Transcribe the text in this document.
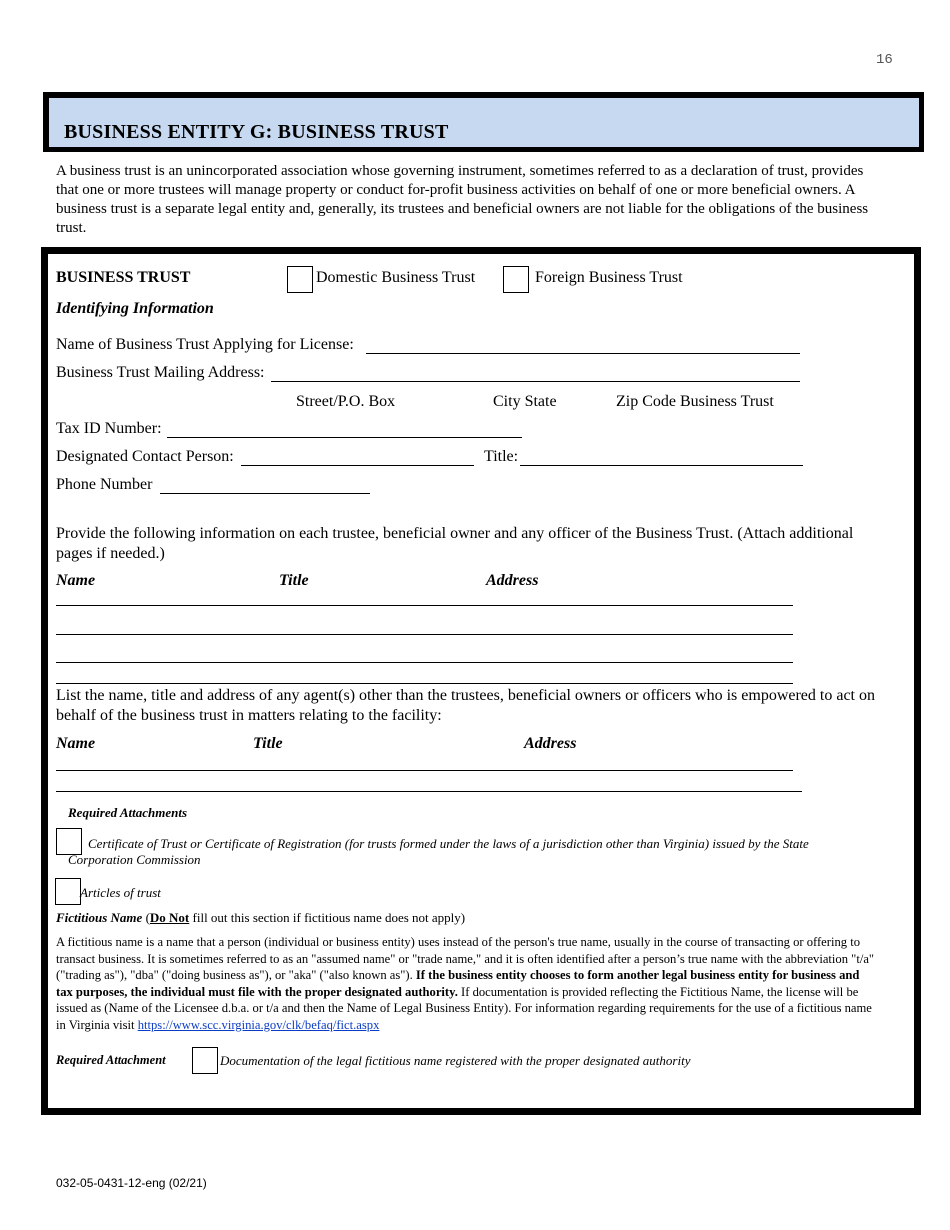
16
BUSINESS ENTITY G: BUSINESS TRUST
A business trust is an unincorporated association whose governing instrument, sometimes referred to as a declaration of trust, provides that one or more trustees will manage property or conduct for-profit business activities on behalf of one or more beneficial owners. A business trust is a separate legal entity and, generally, its trustees and beneficial owners are not liable for the obligations of the business trust.
BUSINESS TRUST	Domestic Business Trust	Foreign Business Trust
Identifying Information
Name of Business Trust Applying for License:
Business Trust Mailing Address:
Street/P.O. Box	City State	Zip Code Business Trust
Tax ID Number:
Designated Contact Person:	Title:
Phone Number
Provide the following information on each trustee, beneficial owner and any officer of the Business Trust. (Attach additional pages if needed.)
Name	Title	Address
List the name, title and address of any agent(s) other than the trustees, beneficial owners or officers who is empowered to act on behalf of the business trust in matters relating to the facility:
Name	Title	Address
Required Attachments
Certificate of Trust or Certificate of Registration (for trusts formed under the laws of a jurisdiction other than Virginia) issued by the State Corporation Commission
Articles of trust
Fictitious Name (Do Not fill out this section if fictitious name does not apply)
A fictitious name is a name that a person (individual or business entity) uses instead of the person's true name, usually in the course of transacting or offering to transact business. It is sometimes referred to as an "assumed name" or "trade name," and it is often identified after a person’s true name with the abbreviation "t/a" ("trading as"), "dba" ("doing business as"), or "aka" ("also known as"). If the business entity chooses to form another legal business entity for business and tax purposes, the individual must file with the proper designated authority. If documentation is provided reflecting the Fictitious Name, the license will be issued as (Name of the Licensee d.b.a. or t/a and then the Name of Legal Business Entity). For information regarding requirements for the use of a fictitious name in Virginia visit https://www.scc.virginia.gov/clk/befaq/fict.aspx
Required Attachment	Documentation of the legal fictitious name registered with the proper designated authority
032-05-0431-12-eng (02/21)
